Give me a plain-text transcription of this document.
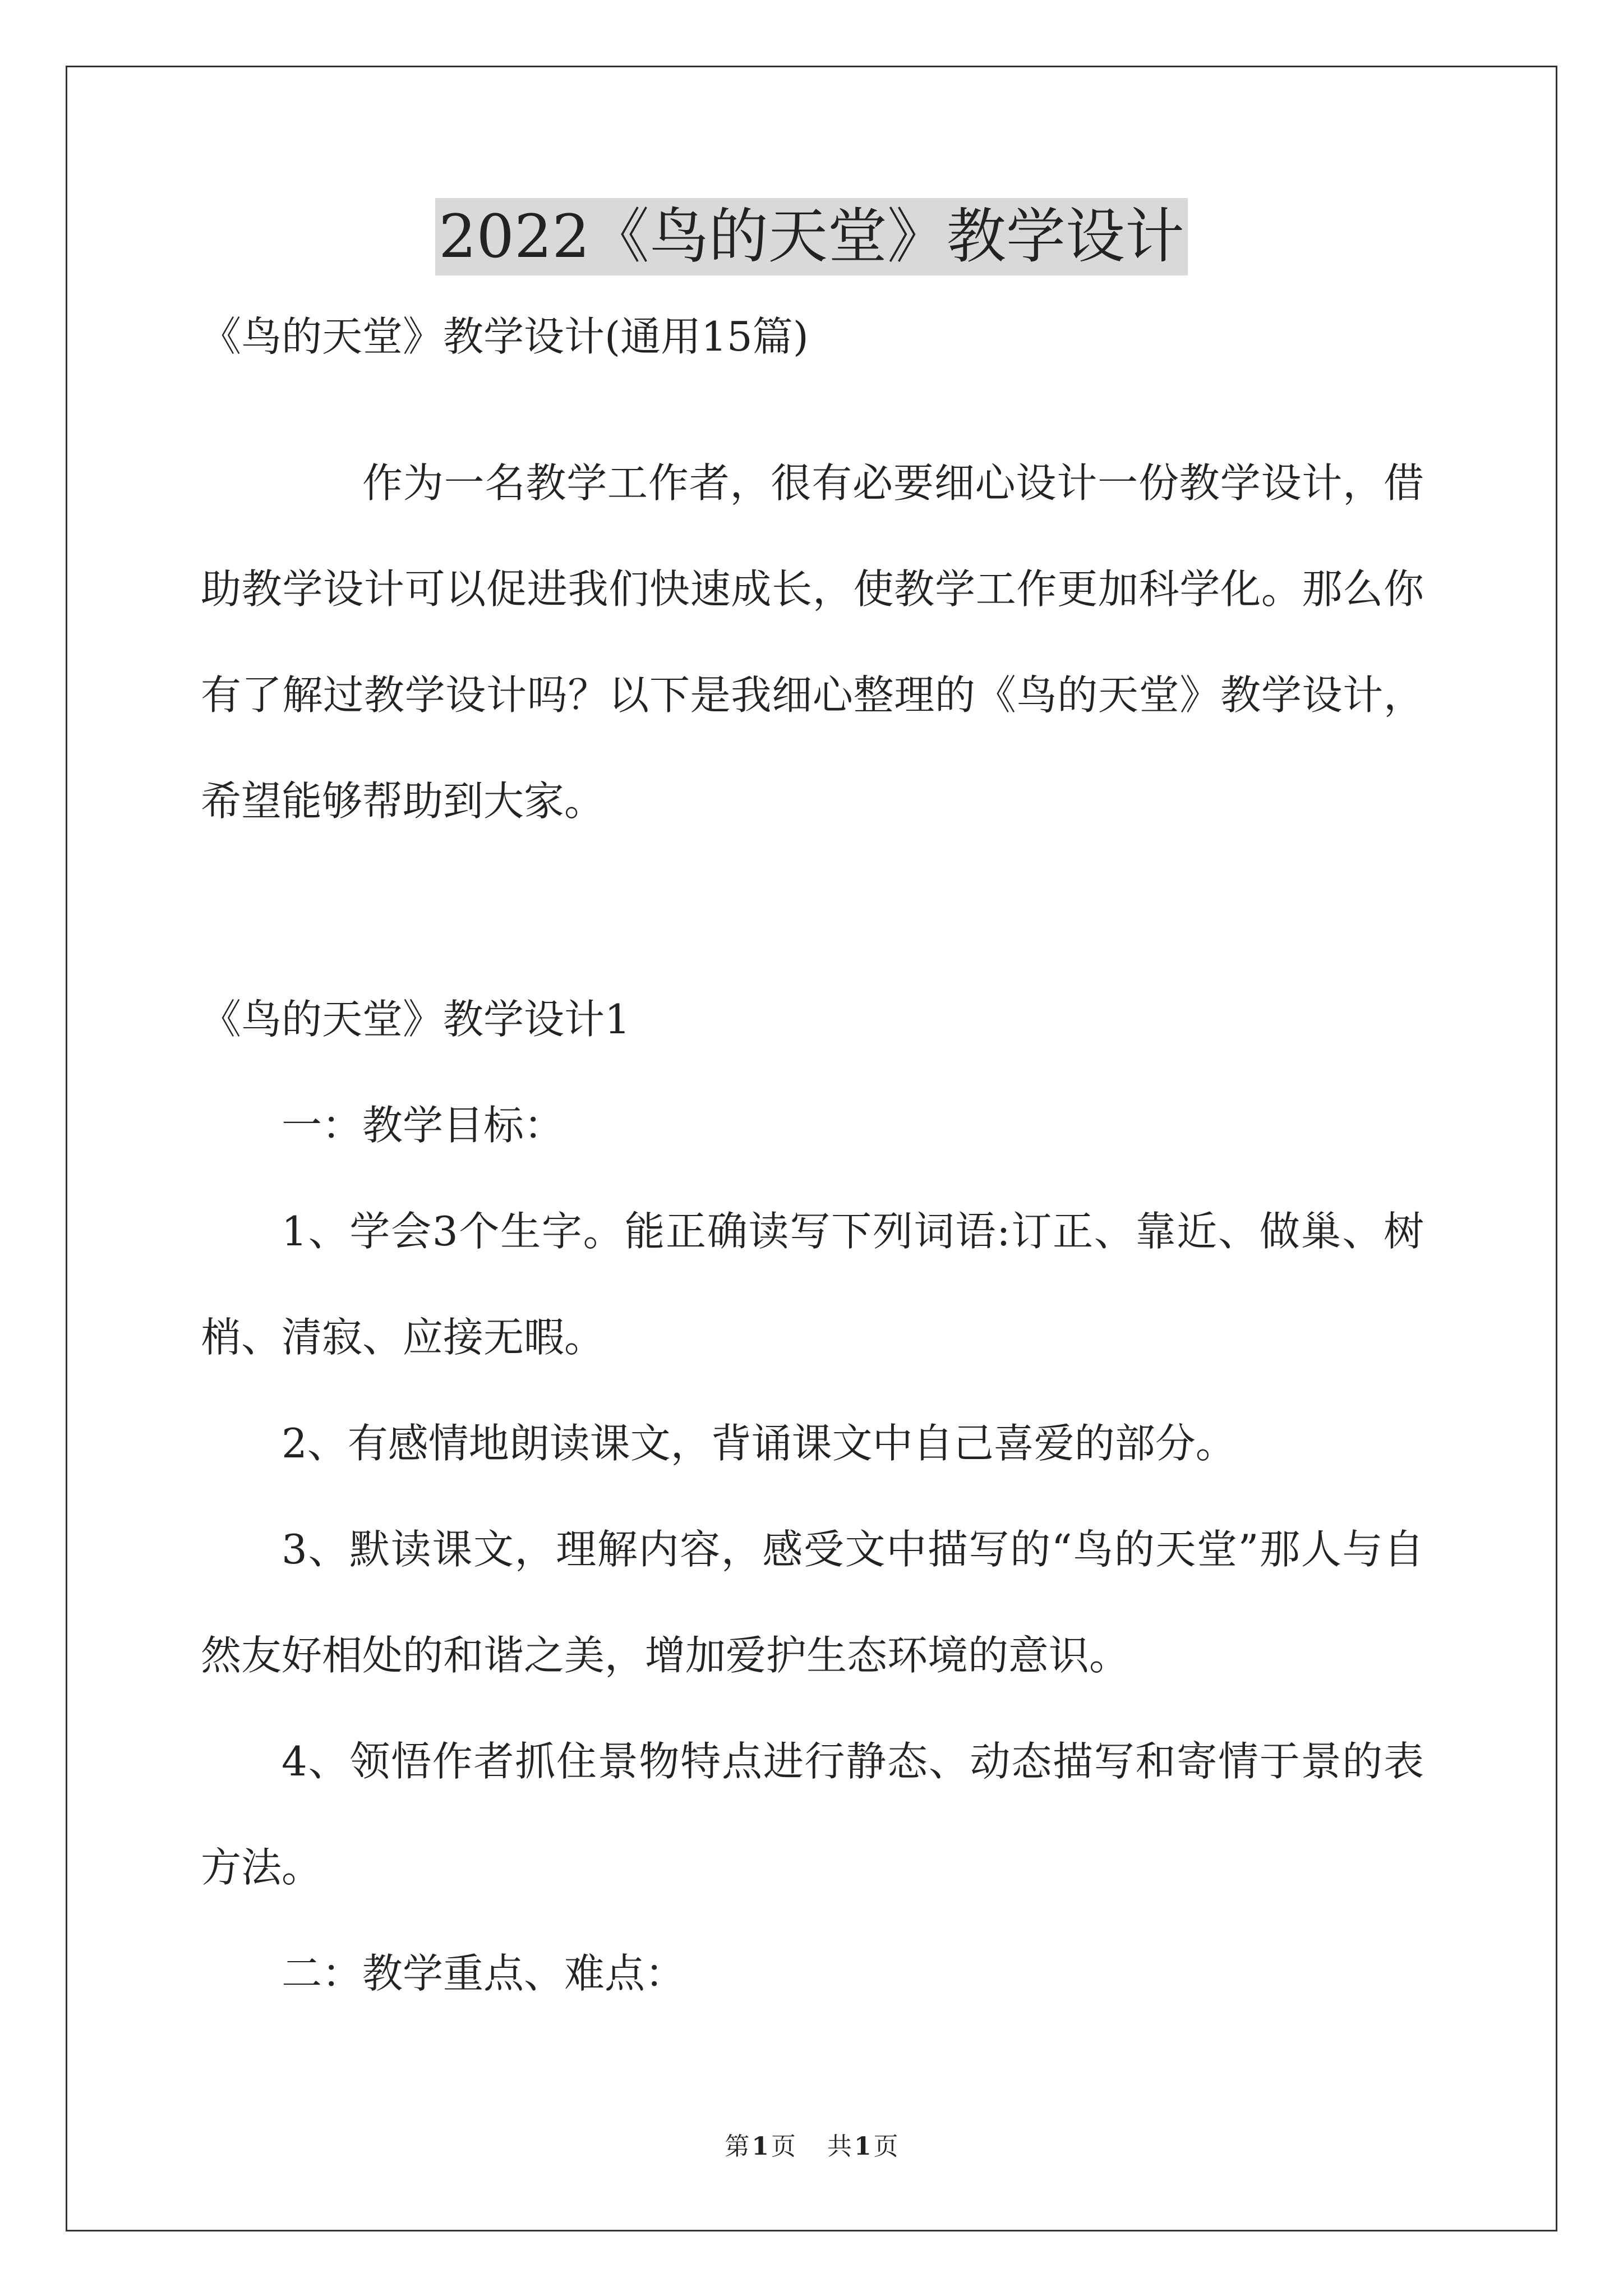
2022《鸟的天堂》教学设计
《鸟的天堂》教学设计(通用15篇)
作为一名教学工作者，很有必要细心设计一份教学设计，借
助教学设计可以促进我们快速成长，使教学工作更加科学化。那么你
有了解过教学设计吗？以下是我细心整理的《鸟的天堂》教学设计，
希望能够帮助到大家。
《鸟的天堂》教学设计1
一：教学目标：
1、学会3个生字。能正确读写下列词语:订正、靠近、做巢、树
梢、清寂、应接无暇。
2、有感情地朗读课文，背诵课文中自己喜爱的部分。
3、默读课文，理解内容，感受文中描写的“鸟的天堂”那人与自
然友好相处的和谐之美，增加爱护生态环境的意识。
4、领悟作者抓住景物特点进行静态、动态描写和寄情于景的表
方法。
二：教学重点、难点：
第1页 共1页
